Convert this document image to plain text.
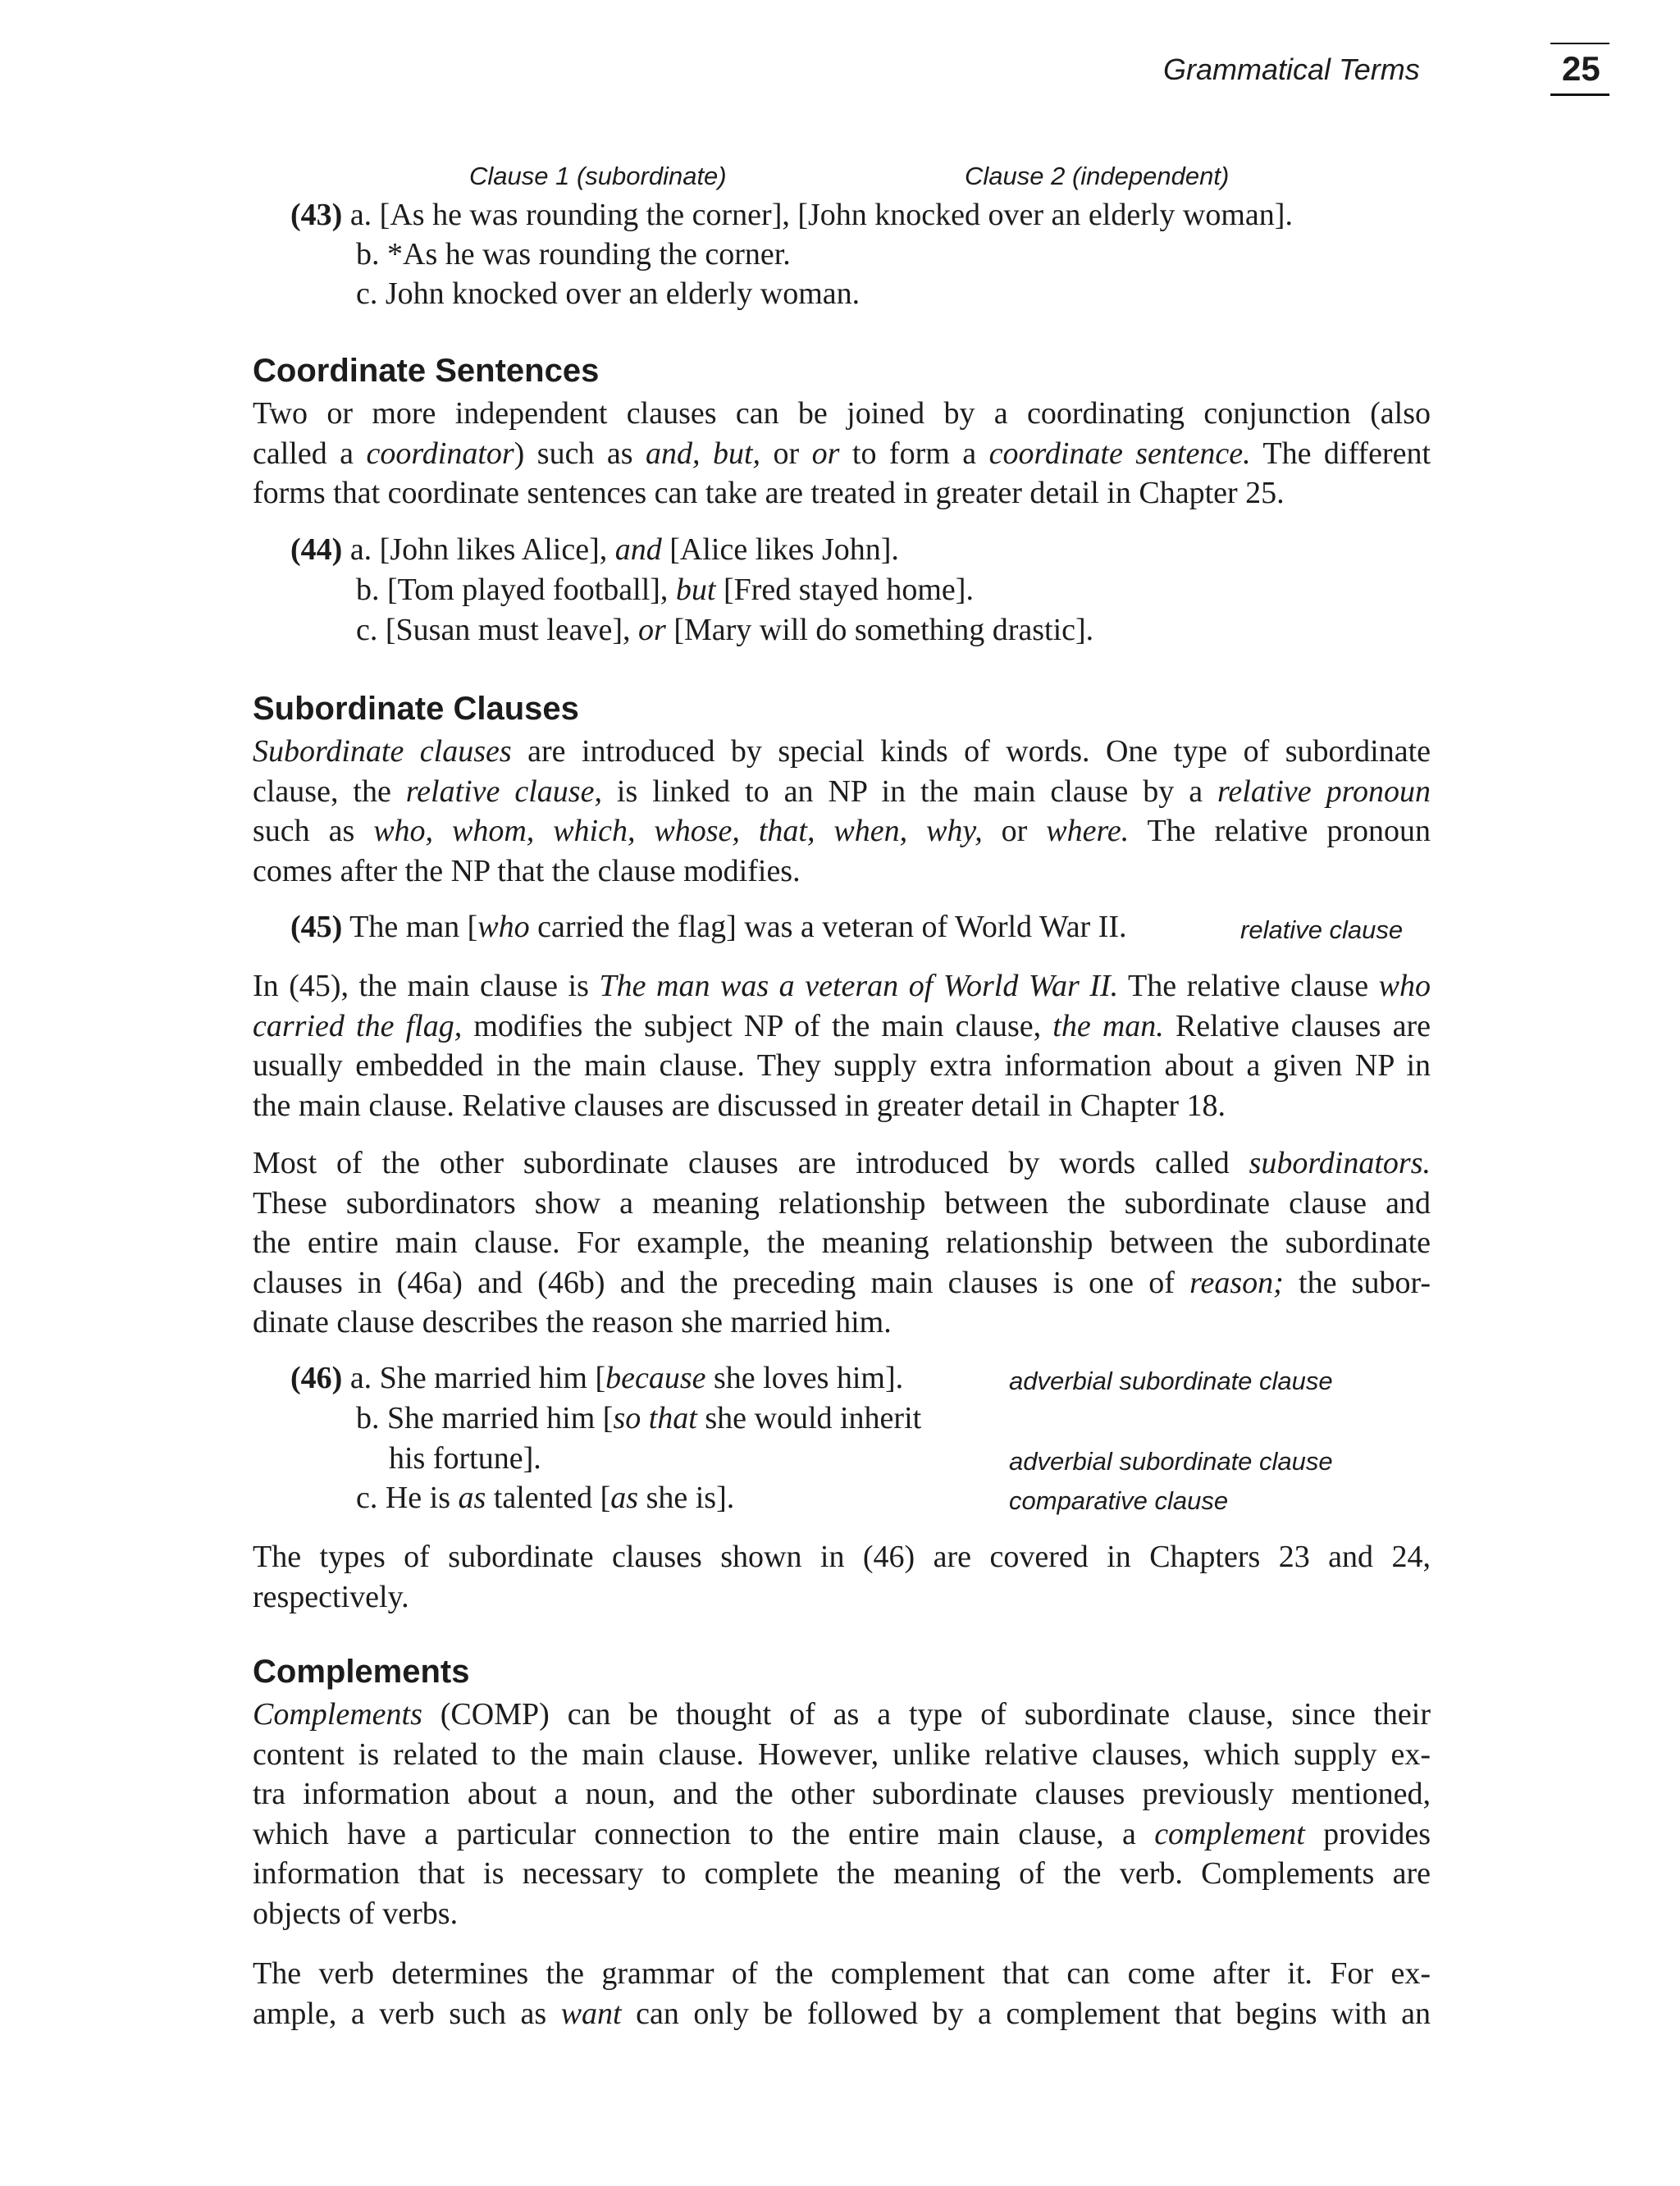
Grammatical Terms	25
Clause 1 (subordinate)	Clause 2 (independent)
(43) a. [As he was rounding the corner], [John knocked over an elderly woman].
b. *As he was rounding the corner.
c. John knocked over an elderly woman.
Coordinate Sentences
Two or more independent clauses can be joined by a coordinating conjunction (also
called a coordinator) such as and, but, or or to form a coordinate sentence. The different
forms that coordinate sentences can take are treated in greater detail in Chapter 25.
(44) a. [John likes Alice], and [Alice likes John].
b. [Tom played football], but [Fred stayed home].
c. [Susan must leave], or [Mary will do something drastic].
Subordinate Clauses
Subordinate clauses are introduced by special kinds of words. One type of subordinate
clause, the relative clause, is linked to an NP in the main clause by a relative pronoun
such as who, whom, which, whose, that, when, why, or where. The relative pronoun
comes after the NP that the clause modifies.
(45) The man [who carried the flag] was a veteran of World War II.	relative clause
In (45), the main clause is The man was a veteran of World War II. The relative clause who
carried the flag, modifies the subject NP of the main clause, the man. Relative clauses are
usually embedded in the main clause. They supply extra information about a given NP in
the main clause. Relative clauses are discussed in greater detail in Chapter 18.
Most of the other subordinate clauses are introduced by words called subordinators.
These subordinators show a meaning relationship between the subordinate clause and
the entire main clause. For example, the meaning relationship between the subordinate
clauses in (46a) and (46b) and the preceding main clauses is one of reason; the subor-
dinate clause describes the reason she married him.
(46) a. She married him [because she loves him].	adverbial subordinate clause
b. She married him [so that she would inherit
his fortune].	adverbial subordinate clause
c. He is as talented [as she is].	comparative clause
The types of subordinate clauses shown in (46) are covered in Chapters 23 and 24,
respectively.
Complements
Complements (COMP) can be thought of as a type of subordinate clause, since their
content is related to the main clause. However, unlike relative clauses, which supply ex-
tra information about a noun, and the other subordinate clauses previously mentioned,
which have a particular connection to the entire main clause, a complement provides
information that is necessary to complete the meaning of the verb. Complements are
objects of verbs.
The verb determines the grammar of the complement that can come after it. For ex-
ample, a verb such as want can only be followed by a complement that begins with an
